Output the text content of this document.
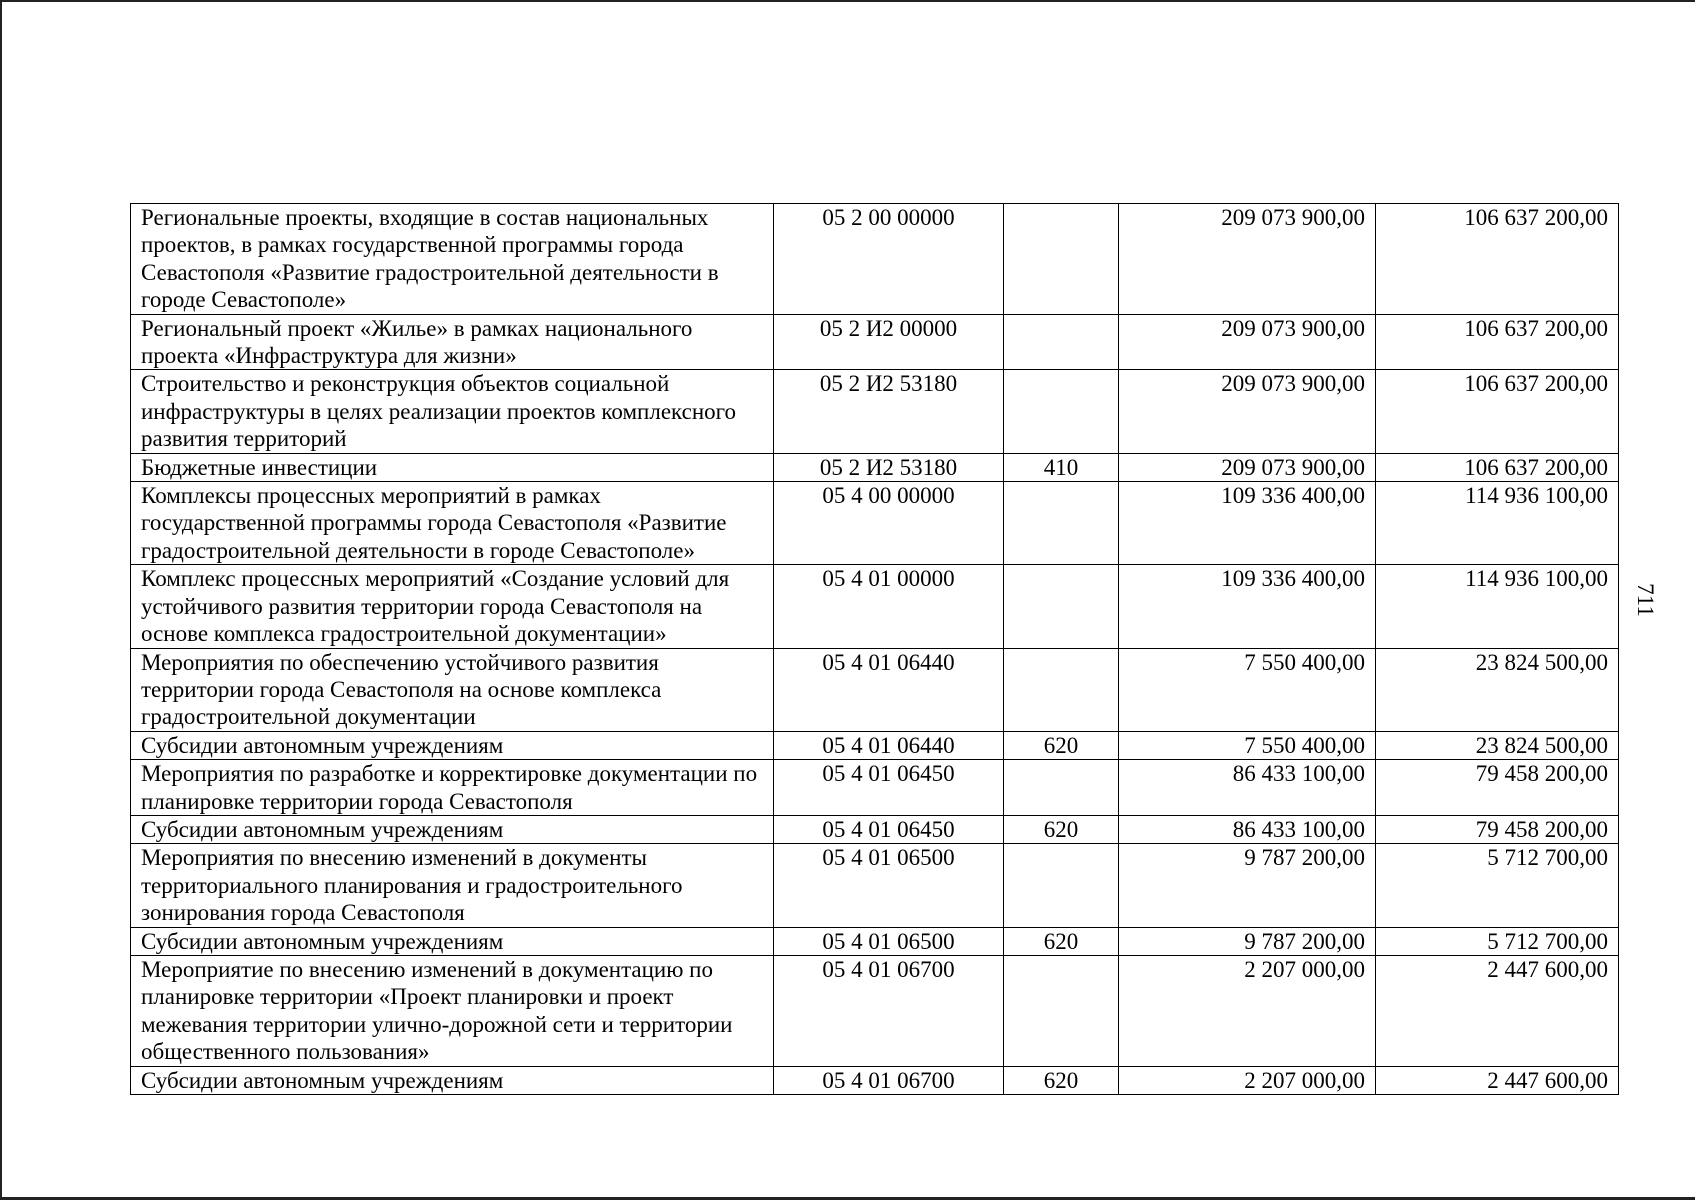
Региональные проекты, входящие в состав национальных проектов, в рамках государственной программы города Севастополя «Развитие градостроительной деятельности в городе Севастополе»	05 2 00 00000		209 073 900,00	106 637 200,00
Региональный проект «Жилье» в рамках национального проекта «Инфраструктура для жизни»	05 2 И2 00000		209 073 900,00	106 637 200,00
Строительство и реконструкция объектов социальной инфраструктуры в целях реализации проектов комплексного развития территорий	05 2 И2 53180		209 073 900,00	106 637 200,00
Бюджетные инвестиции	05 2 И2 53180	410	209 073 900,00	106 637 200,00
Комплексы процессных мероприятий в рамках государственной программы города Севастополя «Развитие градостроительной деятельности в городе Севастополе»	05 4 00 00000		109 336 400,00	114 936 100,00
Комплекс процессных мероприятий «Создание условий для устойчивого развития территории города Севастополя на основе комплекса градостроительной документации»	05 4 01 00000		109 336 400,00	114 936 100,00
Мероприятия по обеспечению устойчивого развития территории города Севастополя на основе комплекса градостроительной документации	05 4 01 06440		7 550 400,00	23 824 500,00
Субсидии автономным учреждениям	05 4 01 06440	620	7 550 400,00	23 824 500,00
Мероприятия по разработке и корректировке документации по планировке территории города Севастополя	05 4 01 06450		86 433 100,00	79 458 200,00
Субсидии автономным учреждениям	05 4 01 06450	620	86 433 100,00	79 458 200,00
Мероприятия по внесению изменений в документы территориального планирования и градостроительного зонирования города Севастополя	05 4 01 06500		9 787 200,00	5 712 700,00
Субсидии автономным учреждениям	05 4 01 06500	620	9 787 200,00	5 712 700,00
Мероприятие по внесению изменений в документацию по планировке территории «Проект планировки и проект межевания территории улично-дорожной сети и территории общественного пользования»	05 4 01 06700		2 207 000,00	2 447 600,00
Субсидии автономным учреждениям	05 4 01 06700	620	2 207 000,00	2 447 600,00
711
